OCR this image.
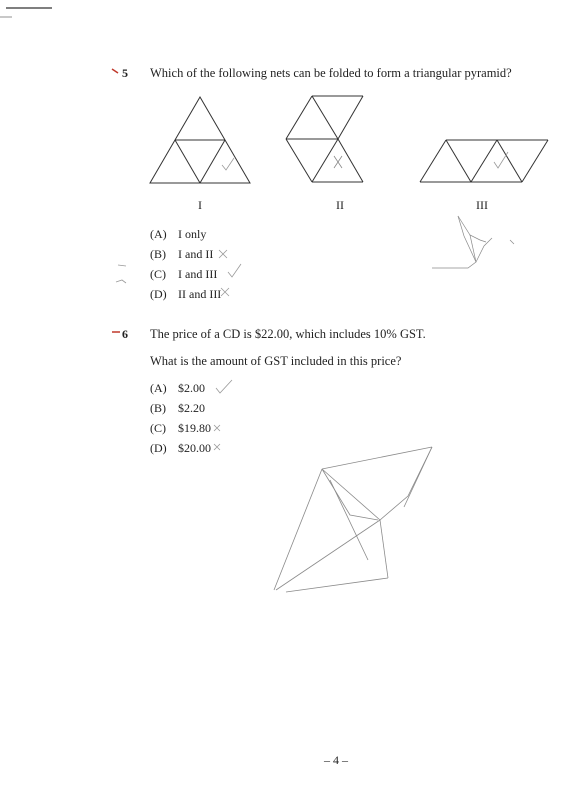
5 Which of the following nets can be folded to form a triangular pyramid?
I	II	III
(A) I only
(B) I and II
(C) I and III
(D) II and III
6 The price of a CD is $22.00, which includes 10% GST.
What is the amount of GST included in this price?
(A) $2.00
(B) $2.20
(C) $19.80
(D) $20.00
– 4 –
